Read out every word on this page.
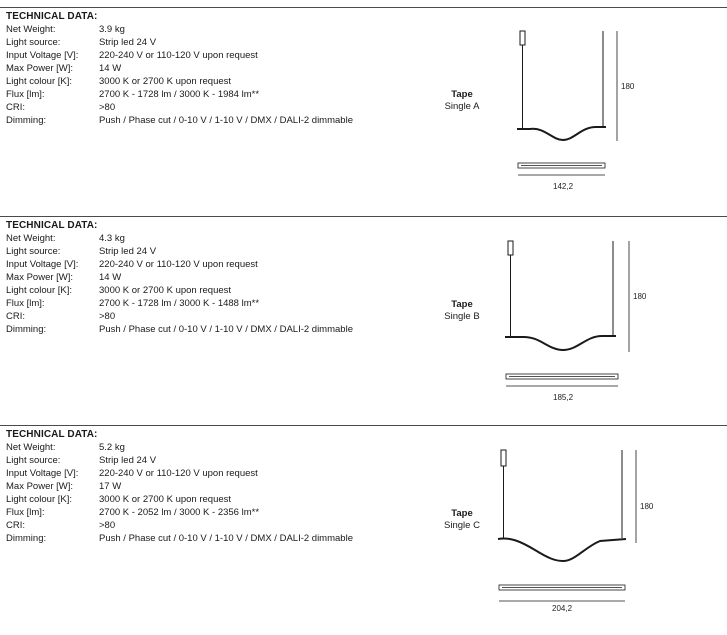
TECHNICAL DATA:
Net Weight:	3.9 kg
Light source:	Strip led 24 V
Input Voltage [V]: 220-240 V or 110-120 V upon request
Max Power [W]:	14 W
Light colour [K]:	3000 K or 2700 K upon request
Flux [lm]:	2700 K - 1728 lm / 3000 K - 1984 lm**
CRI:	>80
Dimming:	Push / Phase cut / 0-10 V / 1-10 V / DMX / DALI-2 dimmable
Tape
Single A
180
142,2
TECHNICAL DATA:
Net Weight:	4.3 kg
Light source:	Strip led 24 V
Input Voltage [V]: 220-240 V or 110-120 V upon request
Max Power [W]:	14 W
Light colour [K]:	3000 K or 2700 K upon request
Flux [lm]:	2700 K - 1728 lm / 3000 K - 1488 lm**
CRI:	>80
Dimming:	Push / Phase cut / 0-10 V / 1-10 V / DMX / DALI-2 dimmable
Tape
Single B
180
185,2
TECHNICAL DATA:
Net Weight:	5.2 kg
Light source:	Strip led 24 V
Input Voltage [V]: 220-240 V or 110-120 V upon request
Max Power [W]:	17 W
Light colour [K]:	3000 K or 2700 K upon request
Flux [lm]:	2700 K - 2052 lm / 3000 K - 2356 lm**
CRI:	>80
Dimming:	Push / Phase cut / 0-10 V / 1-10 V / DMX / DALI-2 dimmable
Tape
Single C
180
204,2
